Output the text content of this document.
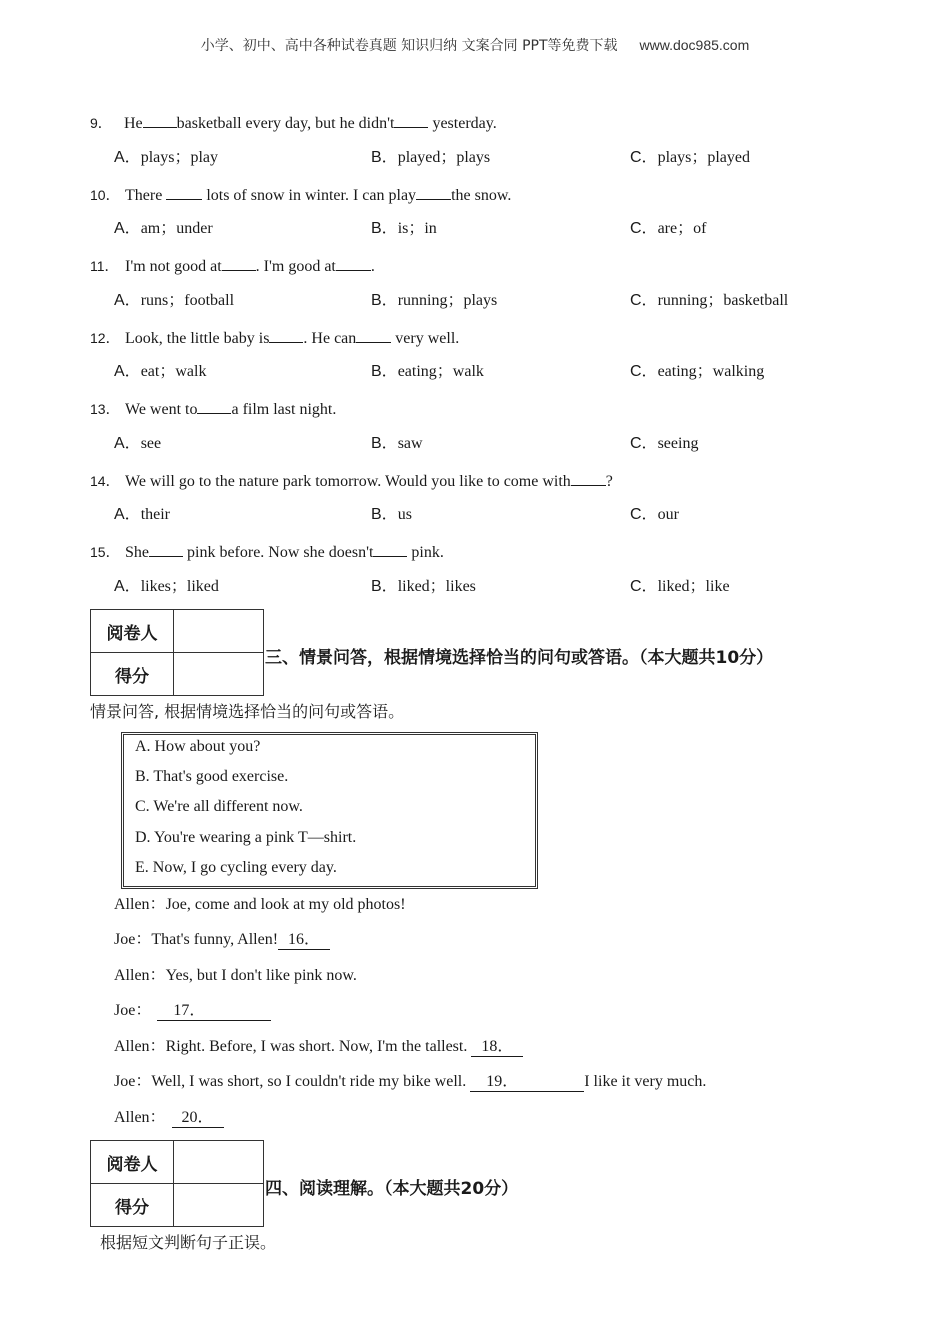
小学、初中、高中各种试卷真题 知识归纳 文案合同 PPT等免费下载 www.doc985.com
9． He basketball every day, but he didn't yesterday.
A．plays；play	B．played；plays	C．plays；played
10． There  lots of snow in winter. I can play the snow.
A．am；under	B．is；in	C．are；of
11． I'm not good at . I'm good at .
A．runs；football	B．running；plays	C．running；basketball
12． Look, the little baby is . He can very well.
A．eat；walk	B．eating；walk	C．eating；walking
13． We went to a film last night.
A．see	B．saw	C．seeing
14． We will go to the nature park tomorrow. Would you like to come with ?
A．their	B．us	C．our
15． She pink before. Now she doesn't pink.
A．likes；liked	B．liked；likes	C．liked；like
阅卷人	
得分	
三、情景问答，根据情境选择恰当的问句或答语。（本大题共10分）
情景问答, 根据情境选择恰当的问句或答语。
A. How about you?
B. That's good exercise.
C. We're all different now.
D. You're wearing a pink T—shirt.
E. Now, I go cycling every day.
Allen：Joe, come and look at my old photos!
Joe：That's funny, Allen! 16．
Allen：Yes, but I don't like pink now.
Joe： 17．
Allen：Right. Before, I was short. Now, I'm the tallest. 18．
Joe：Well, I was short, so I couldn't ride my bike well. 19．	I like it very much.
Allen： 20．
阅卷人	
得分	
四、阅读理解。（本大题共20分）
根据短文判断句子正误。
